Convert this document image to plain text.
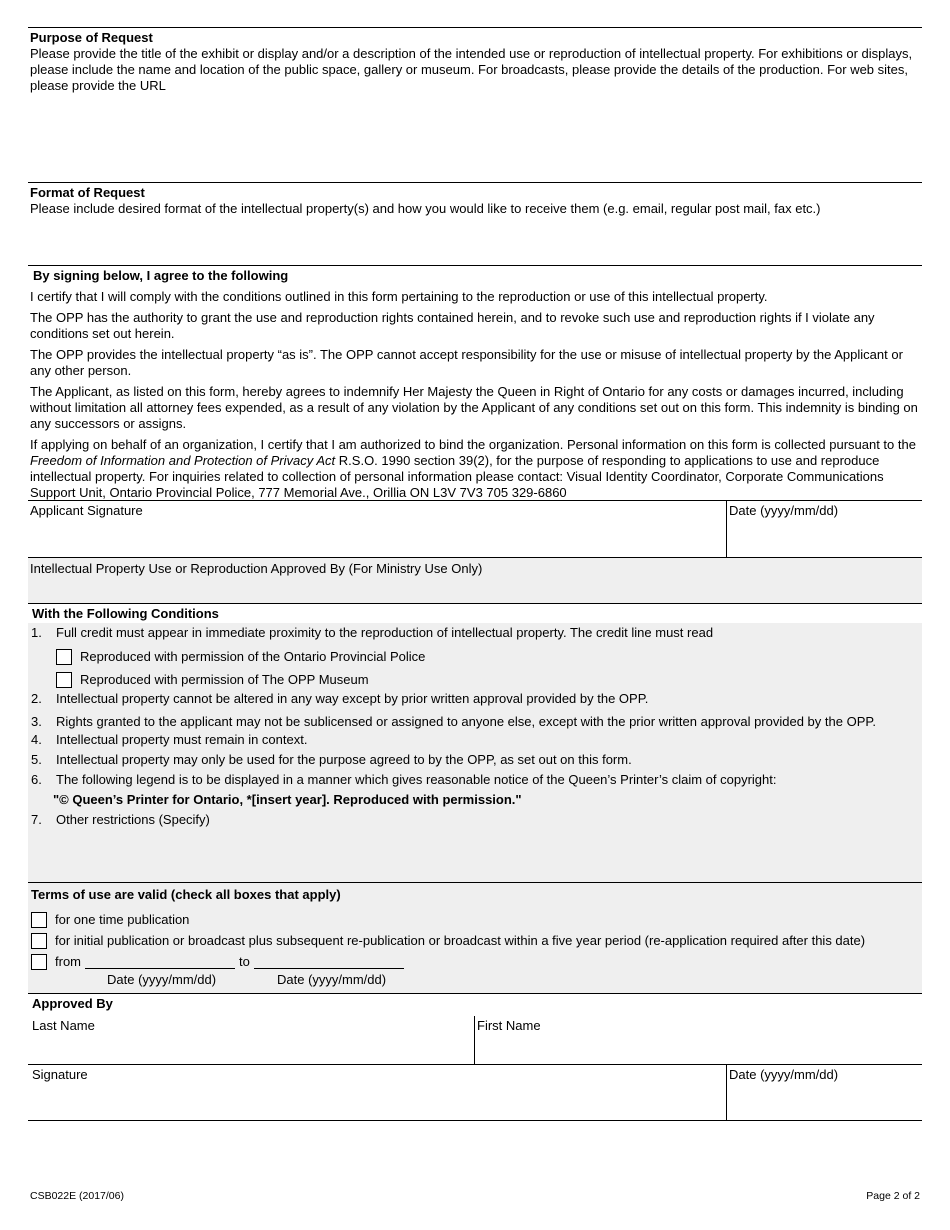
Purpose of Request

Please provide the title of the exhibit or display and/or a description of the intended use or reproduction of intellectual property. For exhibitions or displays, please include the name and location of the public space, gallery or museum. For broadcasts, please provide the details of the production. For web sites, please provide the URL

Format of Request

Please include desired format of the intellectual property(s) and how you would like to receive them (e.g. email, regular post mail, fax etc.)

By signing below, I agree to the following

I certify that I will comply with the conditions outlined in this form pertaining to the reproduction or use of this intellectual property.

The OPP has the authority to grant the use and reproduction rights contained herein, and to revoke such use and reproduction rights if I violate any conditions set out herein.

The OPP provides the intellectual property “as is”. The OPP cannot accept responsibility for the use or misuse of intellectual property by the Applicant or any other person.

The Applicant, as listed on this form, hereby agrees to indemnify Her Majesty the Queen in Right of Ontario for any costs or damages incurred, including without limitation all attorney fees expended, as a result of any violation by the Applicant of any conditions set out on this form. This indemnity is binding on any successors or assigns.

If applying on behalf of an organization, I certify that I am authorized to bind the organization. Personal information on this form is collected pursuant to the Freedom of Information and Protection of Privacy Act R.S.O. 1990 section 39(2), for the purpose of responding to applications to use and reproduce intellectual property. For inquiries related to collection of personal information please contact: Visual Identity Coordinator, Corporate Communications Support Unit, Ontario Provincial Police, 777 Memorial Ave., Orillia ON L3V 7V3 705 329-6860

Applicant Signature	Date (yyyy/mm/dd)
Intellectual Property Use or Reproduction Approved By (For Ministry Use Only)
With the Following Conditions
1.	Full credit must appear in immediate proximity to the reproduction of intellectual property. The credit line must read
Reproduced with permission of the Ontario Provincial Police
Reproduced with permission of The OPP Museum
2.	Intellectual property cannot be altered in any way except by prior written approval provided by the OPP.
3.	Rights granted to the applicant may not be sublicensed or assigned to anyone else, except with the prior written approval provided by the OPP.
4.	Intellectual property must remain in context.
5.	Intellectual property may only be used for the purpose agreed to by the OPP, as set out on this form.
6.	The following legend is to be displayed in a manner which gives reasonable notice of the Queen’s Printer’s claim of copyright:
"© Queen’s Printer for Ontario, *[insert year]. Reproduced with permission."
7.	Other restrictions (Specify)
Terms of use are valid (check all boxes that apply)
for one time publication
for initial publication or broadcast plus subsequent re-publication or broadcast within a five year period (re-application required after this date)
from	to
Date (yyyy/mm/dd)	Date (yyyy/mm/dd)
Approved By
Last Name	First Name
Signature	Date (yyyy/mm/dd)
CSB022E (2017/06)	Page 2 of 2
